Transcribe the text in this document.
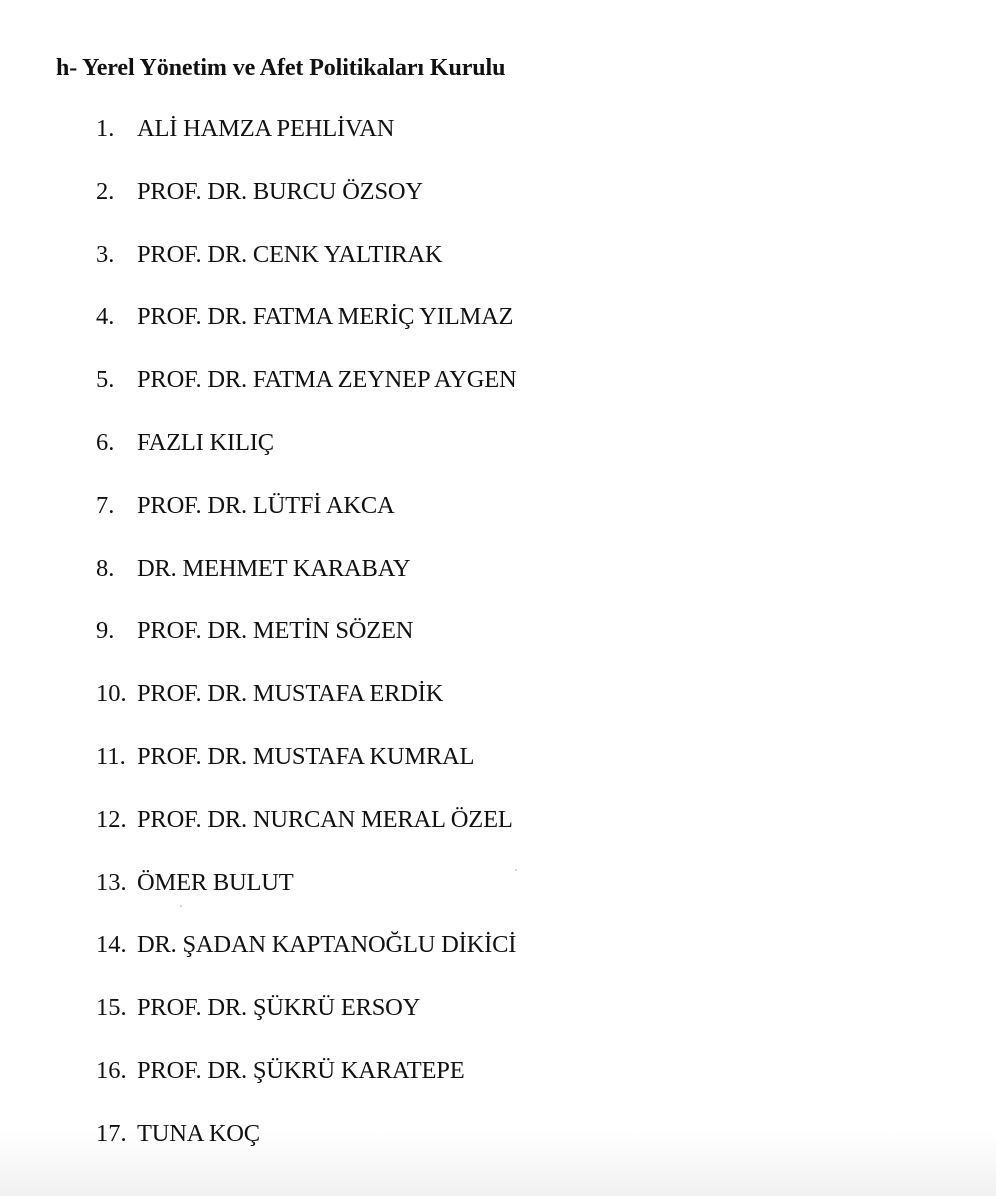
h- Yerel Yönetim ve Afet Politikaları Kurulu
1. ALİ HAMZA PEHLİVAN
2. PROF. DR. BURCU ÖZSOY
3. PROF. DR. CENK YALTIRAK
4. PROF. DR. FATMA MERİÇ YILMAZ
5. PROF. DR. FATMA ZEYNEP AYGEN
6. FAZLI KILIÇ
7. PROF. DR. LÜTFİ AKCA
8. DR. MEHMET KARABAY
9. PROF. DR. METİN SÖZEN
10. PROF. DR. MUSTAFA ERDİK
11. PROF. DR. MUSTAFA KUMRAL
12. PROF. DR. NURCAN MERAL ÖZEL
13. ÖMER BULUT
14. DR. ŞADAN KAPTANOĞLU DİKİCİ
15. PROF. DR. ŞÜKRÜ ERSOY
16. PROF. DR. ŞÜKRÜ KARATEPE
17. TUNA KOÇ
